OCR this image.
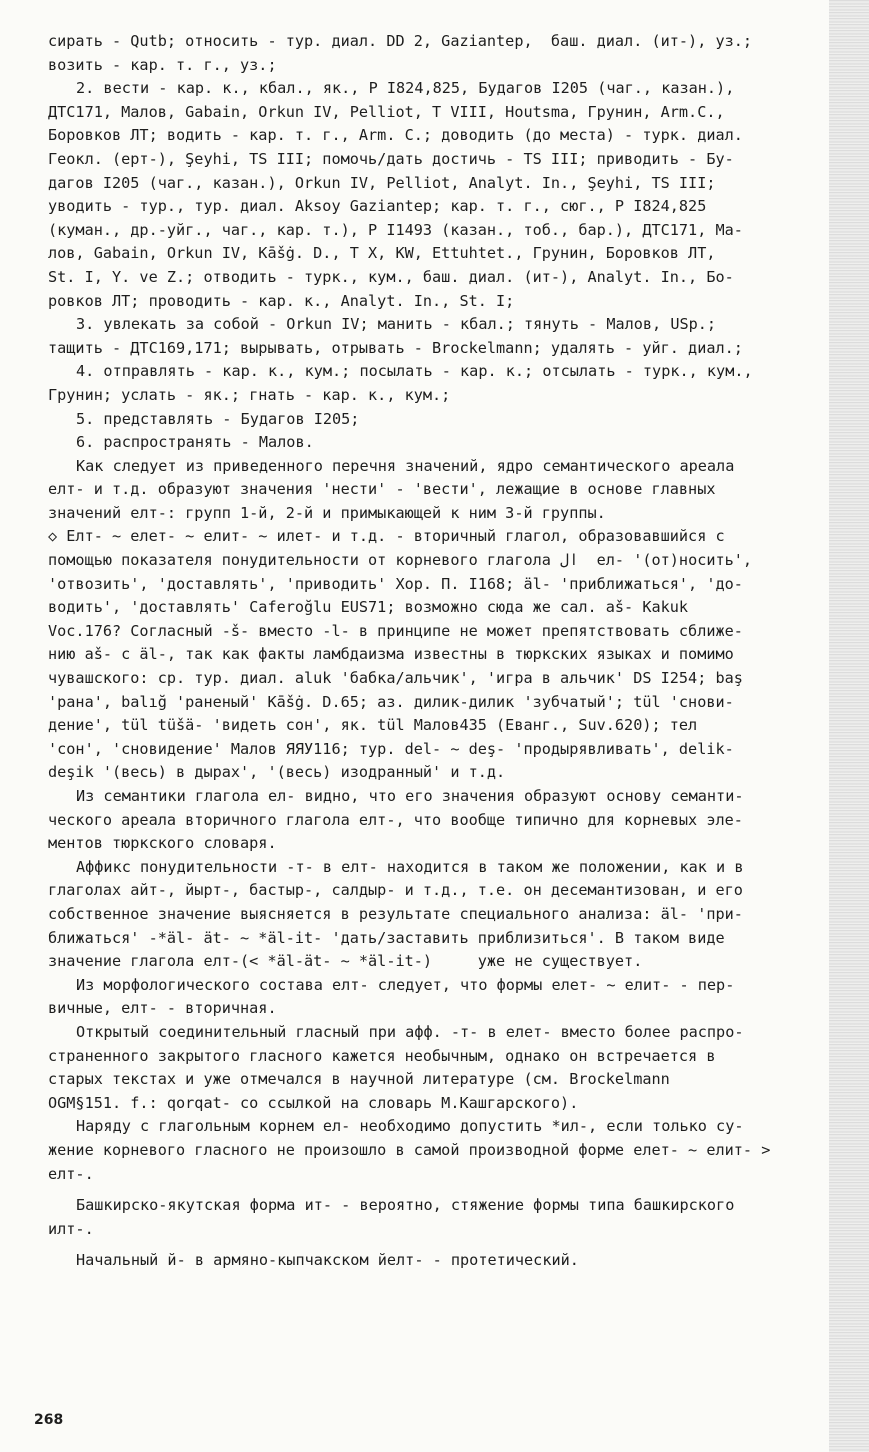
сирать - Qutb; относить - тур. диал. DD 2, Gaziantep,  баш. диал. (ит-), уз.;
возить - кар. т. г., уз.;
2. вести - кар. к., кбал., як., Р I824,825, Будагов I205 (чаг., казан.),
ДТС171, Малов, Gabain, Orkun IV, Pelliot, T VIII, Houtsma, Грунин, Arm.C.,
Боровков ЛТ; водить - кар. т. г., Arm. C.; доводить (до места) - турк. диал.
Геокл. (ерт-), Şeyhi, TS III; помочь/дать достичь - TS III; приводить - Бу-
дагов I205 (чаг., казан.), Orkun IV, Pelliot, Analyt. In., Şeyhi, TS III;
уводить - тур., тур. диал. Aksoy Gaziantep; кар. т. г., сюг., Р I824,825
(куман., др.-уйг., чаг., кар. т.), Р I1493 (казан., тоб., бар.), ДТС171, Ма-
лов, Gabain, Orkun IV, Kāšġ. D., T X, KW, Ettuhtet., Грунин, Боровков ЛТ,
St. I, Y. ve Z.; отводить - турк., кум., баш. диал. (ит-), Analyt. In., Бо-
ровков ЛТ; проводить - кар. к., Analyt. In., St. I;
3. увлекать за собой - Orkun IV; манить - кбал.; тянуть - Малов, USp.;
тащить - ДТС169,171; вырывать, отрывать - Brockelmann; удалять - уйг. диал.;
4. отправлять - кар. к., кум.; посылать - кар. к.; отсылать - турк., кум.,
Грунин; услать - як.; гнать - кар. к., кум.;
5. представлять - Будагов I205;
6. распространять - Малов.
Как следует из приведенного перечня значений, ядро семантического ареала
елт- и т.д. образуют значения 'нести' - 'вести', лежащие в основе главных
значений елт-: групп 1-й, 2-й и примыкающей к ним 3-й группы.
◇ Елт- ~ елет- ~ елит- ~ илет- и т.д. - вторичный глагол, образовавшийся с
помощью показателя понудительности от корневого глагола ال  ел- '(от)носить',
'отвозить', 'доставлять', 'приводить' Хор. П. I168; äl- 'приближаться', 'до-
водить', 'доставлять' Caferoğlu EUS71; возможно сюда же сал. aš- Kakuk
Voc.176? Согласный -š- вместо -l- в принципе не может препятствовать сближе-
нию aš- с äl-, так как факты ламбдаизма известны в тюркских языках и помимо
чувашского: ср. тур. диал. aluk 'бабка/альчик', 'игра в альчик' DS I254; baş
'рана', balığ 'раненый' Kāšġ. D.65; аз. дилик-дилик 'зубчатый'; tül 'снови-
дение', tül tüšä- 'видеть сон', як. tül Малов435 (Еванг., Suv.620); тел
'сон', 'сновидение' Малов ЯЯУ116; тур. del- ~ deş- 'продырявливать', delik-
deşik '(весь) в дырах', '(весь) изодранный' и т.д.
Из семантики глагола ел- видно, что его значения образуют основу семанти-
ческого ареала вторичного глагола елт-, что вообще типично для корневых эле-
ментов тюркского словаря.
Аффикс понудительности -т- в елт- находится в таком же положении, как и в
глаголах айт-, йырт-, бастыр-, салдыр- и т.д., т.е. он десемантизован, и его
собственное значение выясняется в результате специального анализа: äl- 'при-
ближаться' -*äl- ät- ~ *äl-it- 'дать/заставить приблизиться'. В таком виде
значение глагола елт-(< *äl-ät- ~ *äl-it-)     уже не существует.
Из морфологического состава елт- следует, что формы елет- ~ елит- - пер-
вичные, елт- - вторичная.
Открытый соединительный гласный при афф. -т- в елет- вместо более распро-
страненного закрытого гласного кажется необычным, однако он встречается в
старых текстах и уже отмечался в научной литературе (см. Brockelmann
OGM§151. f.: qorqat- со ссылкой на словарь М.Кашгарского).
Наряду с глагольным корнем ел- необходимо допустить *ил-, если только су-
жение корневого гласного не произошло в самой производной форме елет- ~ елит- >
елт-.
Башкирско-якутская форма ит- - вероятно, стяжение формы типа башкирского
илт-.
Начальный й- в армяно-кыпчакском йелт- - протетический.
268
